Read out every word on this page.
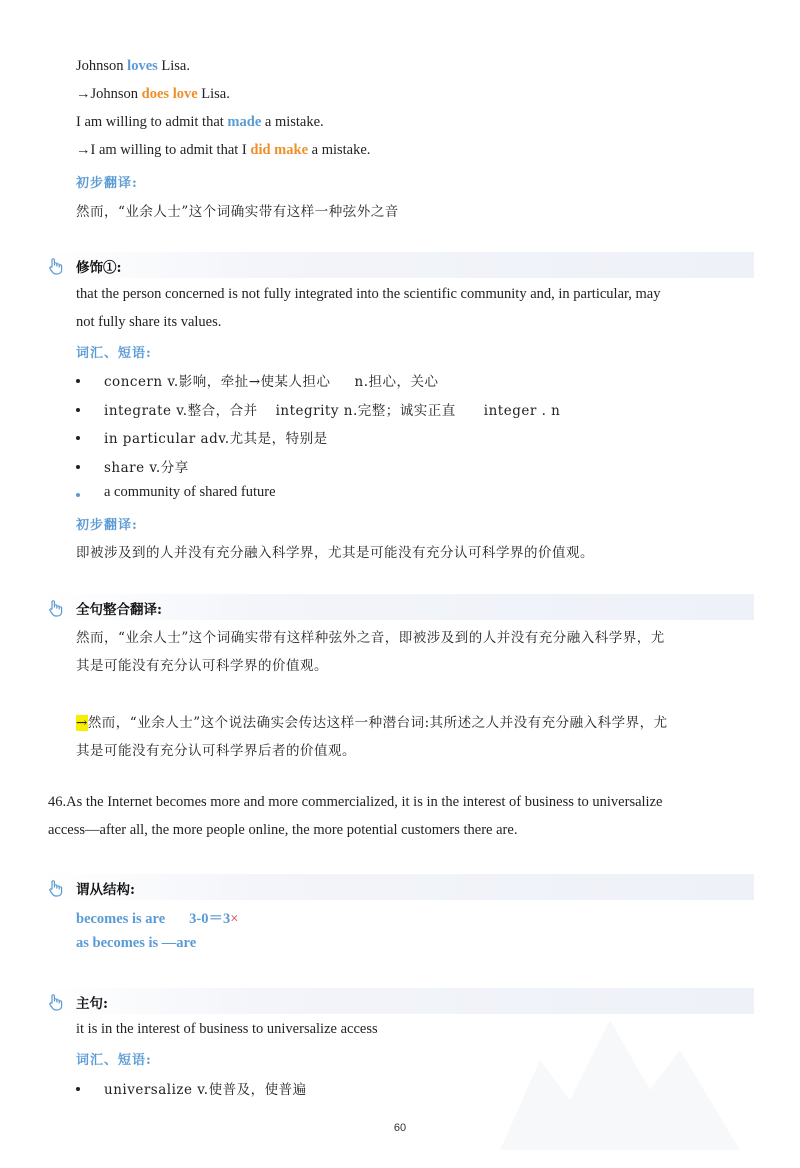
Johnson loves Lisa.
→Johnson does love Lisa.
I am willing to admit that made a mistake.
→I am willing to admit that I did make a mistake.
初步翻译:
然而，“业余人士”这个词确实带有这样一种弦外之音
修饰①:
that the person concerned is not fully integrated into the scientific community and, in particular, may
not fully share its values.
词汇、短语:
concern v.影响，牵扯→使某人担心 n.担心，关心
integrate v.整合，合并 integrity n.完整；诚实正直 integer . n
in particular adv.尤其是，特别是
share v.分享
a community of shared future
初步翻译:
即被涉及到的人并没有充分融入科学界，尤其是可能没有充分认可科学界的价值观。
全句整合翻译:
然而，“业余人士”这个词确实带有这样种弦外之音，即被涉及到的人并没有充分融入科学界，尤
其是可能没有充分认可科学界的价值观。
→然而，“业余人士”这个说法确实会传达这样一种潜台词:其所述之人并没有充分融入科学界，尤
其是可能没有充分认可科学界后者的价值观。
46.As the Internet becomes more and more commercialized, it is in the interest of business to universalize
access—after all, the more people online, the more potential customers there are.
谓从结构:
becomes is are 3-0＝3×
as becomes is —are
主句:
it is in the interest of business to universalize access
词汇、短语:
universalize v.使普及，使普遍
60
